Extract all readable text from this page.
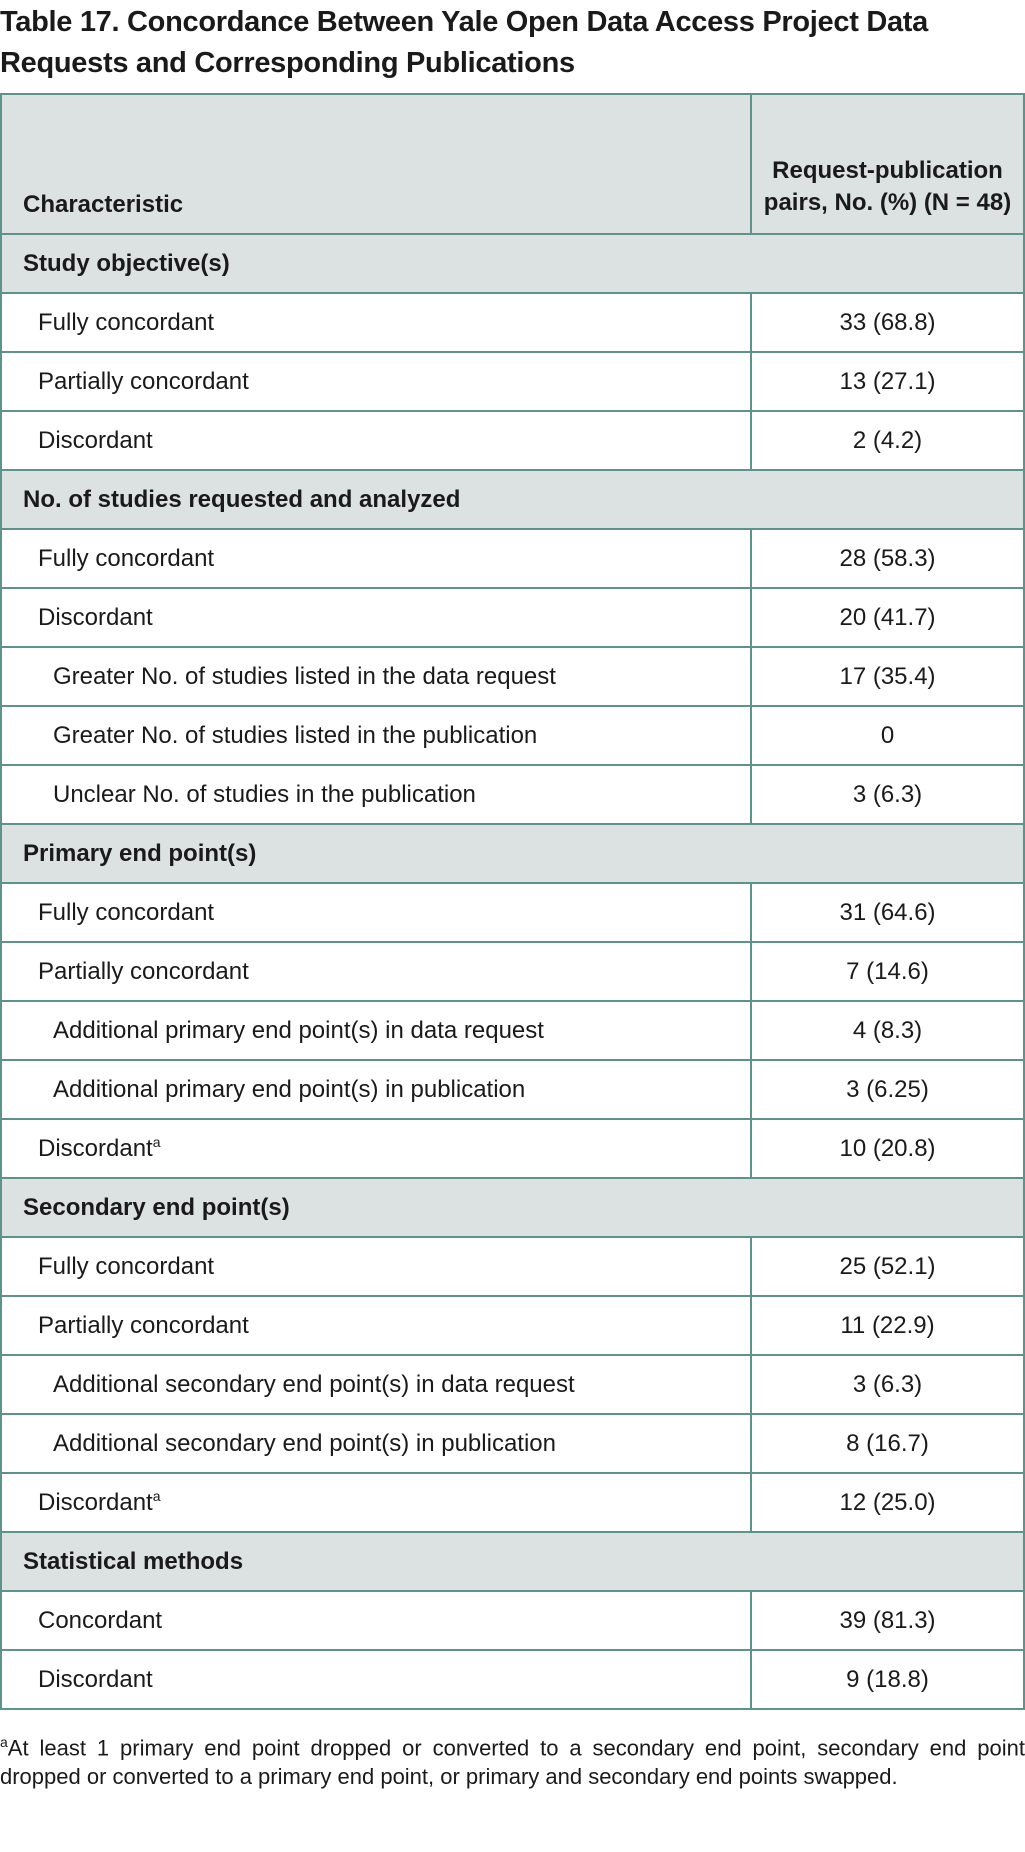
Table 17. Concordance Between Yale Open Data Access Project Data Requests and Corresponding Publications
Characteristic	Request-publication pairs, No. (%) (N = 48)
Study objective(s)	
Fully concordant	33 (68.8)
Partially concordant	13 (27.1)
Discordant	2 (4.2)
No. of studies requested and analyzed	
Fully concordant	28 (58.3)
Discordant	20 (41.7)
Greater No. of studies listed in the data request	17 (35.4)
Greater No. of studies listed in the publication	0
Unclear No. of studies in the publication	3 (6.3)
Primary end point(s)	
Fully concordant	31 (64.6)
Partially concordant	7 (14.6)
Additional primary end point(s) in data request	4 (8.3)
Additional primary end point(s) in publication	3 (6.25)
Discordant$^a$	10 (20.8)
Secondary end point(s)	
Fully concordant	25 (52.1)
Partially concordant	11 (22.9)
Additional secondary end point(s) in data request	3 (6.3)
Additional secondary end point(s) in publication	8 (16.7)
Discordant$^a$	12 (25.0)
Statistical methods	
Concordant	39 (81.3)
Discordant	9 (18.8)
$^a$At least 1 primary end point dropped or converted to a secondary end point, secondary end point dropped or converted to a primary end point, or primary and secondary end points swapped.
